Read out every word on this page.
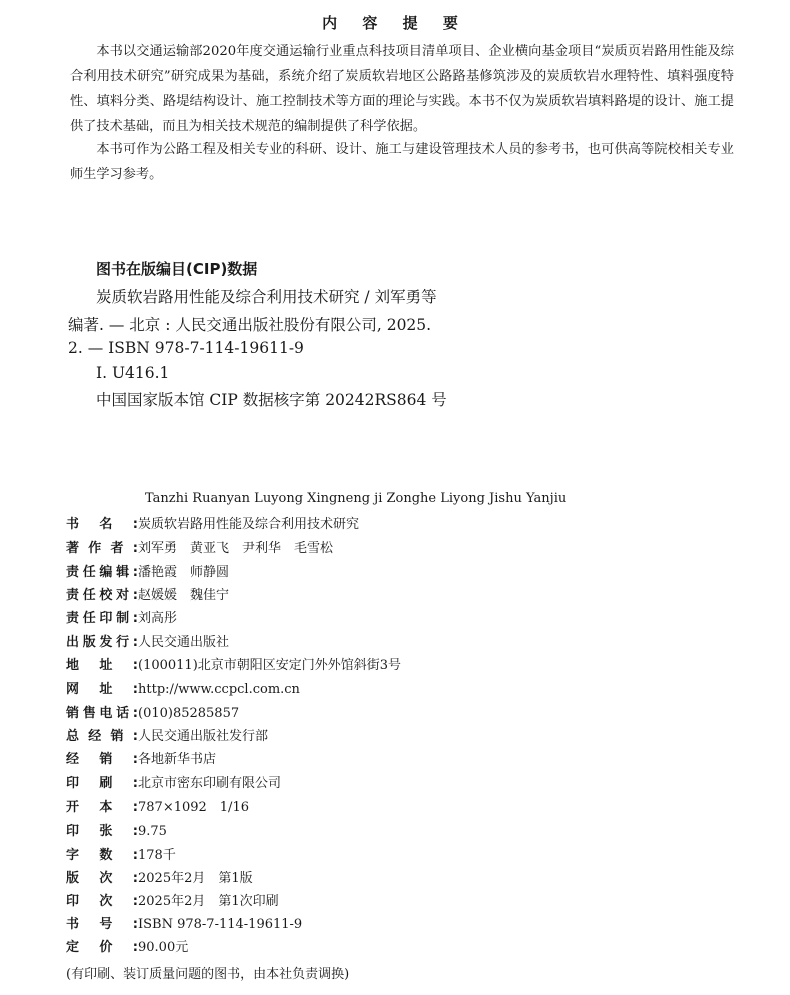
内 容 提 要
本书以交通运输部2020年度交通运输行业重点科技项目清单项目、企业横向基金项目“炭质页岩路用性能及综合利用技术研究”研究成果为基础，系统介绍了炭质软岩地区公路路基修筑涉及的炭质软岩水理特性、填料强度特性、填料分类、路堤结构设计、施工控制技术等方面的理论与实践。本书不仅为炭质软岩填料路堤的设计、施工提供了技术基础，而且为相关技术规范的编制提供了科学依据。
本书可作为公路工程及相关专业的科研、设计、施工与建设管理技术人员的参考书，也可供高等院校相关专业师生学习参考。
图书在版编目(CIP)数据
炭质软岩路用性能及综合利用技术研究 / 刘军勇等
编著. — 北京 : 人民交通出版社股份有限公司, 2025.
2. — ISBN 978-7-114-19611-9
Ⅰ. U416.1
中国国家版本馆 CIP 数据核字第 20242RS864 号
Tanzhi Ruanyan Luyong Xingneng ji Zonghe Liyong Jishu Yanjiu
书名:炭质软岩路用性能及综合利用技术研究
著作者:刘军勇　黄亚飞　尹利华　毛雪松
责任编辑:潘艳霞　师静圆
责任校对:赵媛媛　魏佳宁
责任印制:刘高彤
出版发行:人民交通出版社
地址:(100011)北京市朝阳区安定门外外馆斜街3号
网址:http://www.ccpcl.com.cn
销售电话:(010)85285857
总经销:人民交通出版社发行部
经销:各地新华书店
印刷:北京市密东印刷有限公司
开本:787×1092　1/16
印张:9.75
字数:178千
版次:2025年2月　第1版
印次:2025年2月　第1次印刷
书号:ISBN 978-7-114-19611-9
定价:90.00元
(有印刷、装订质量问题的图书，由本社负责调换)
